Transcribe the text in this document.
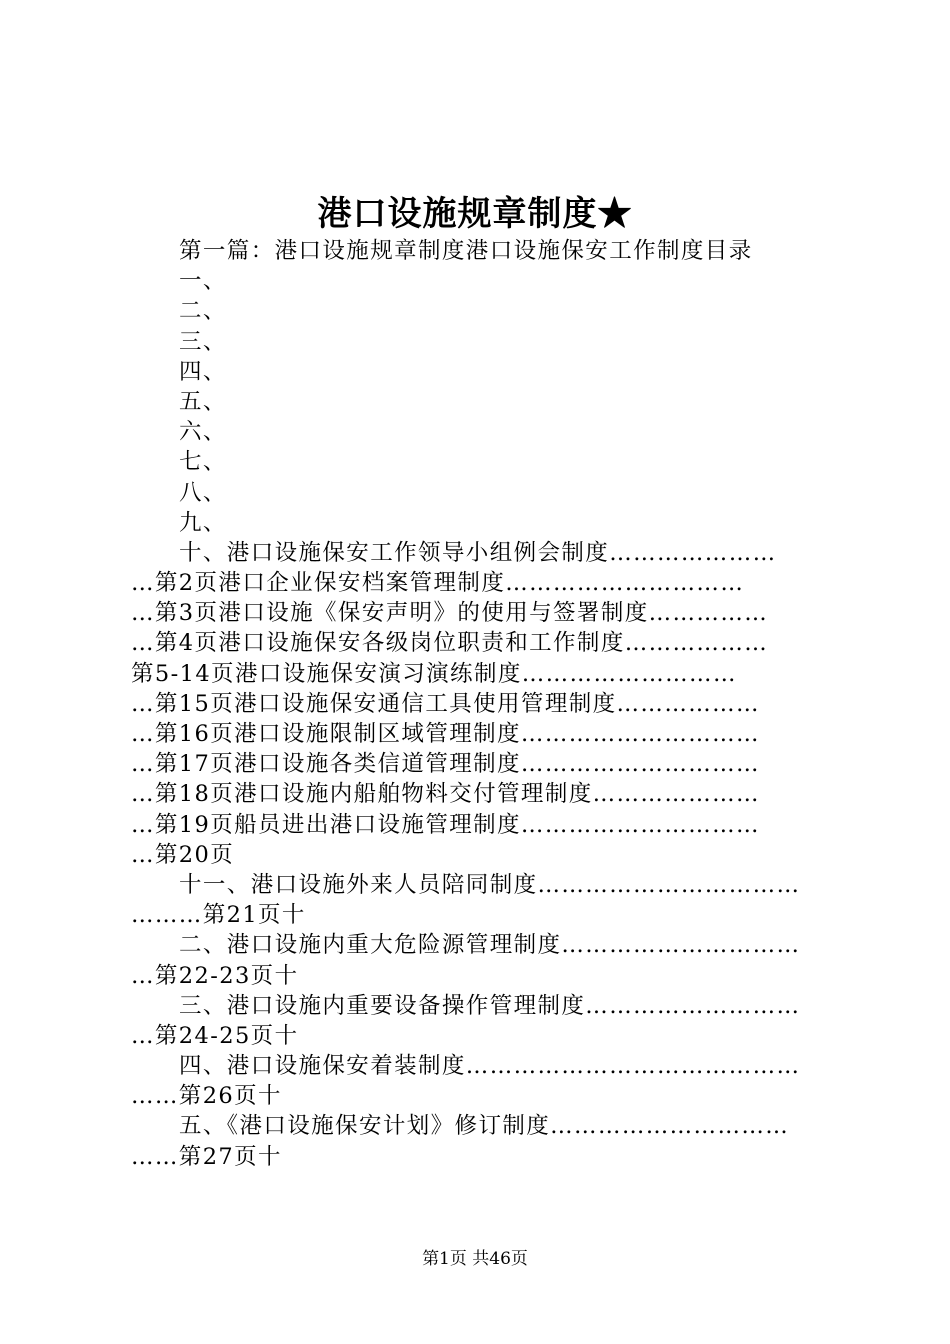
港口设施规章制度★
第一篇：港口设施规章制度港口设施保安工作制度目录
一、
二、
三、
四、
五、
六、
七、
八、
九、
十、港口设施保安工作领导小组例会制度…………………
…第2页港口企业保安档案管理制度…………………………
…第3页港口设施《保安声明》的使用与签署制度……………
…第4页港口设施保安各级岗位职责和工作制度………………
第5-14页港口设施保安演习演练制度………………………
…第15页港口设施保安通信工具使用管理制度………………
…第16页港口设施限制区域管理制度…………………………
…第17页港口设施各类信道管理制度…………………………
…第18页港口设施内船舶物料交付管理制度…………………
…第19页船员进出港口设施管理制度…………………………
…第20页
十一、港口设施外来人员陪同制度……………………………
………第21页十
二、港口设施内重大危险源管理制度…………………………
…第22-23页十
三、港口设施内重要设备操作管理制度………………………
…第24-25页十
四、港口设施保安着装制度……………………………………
……第26页十
五、《港口设施保安计划》修订制度…………………………
……第27页十
第1页 共46页
